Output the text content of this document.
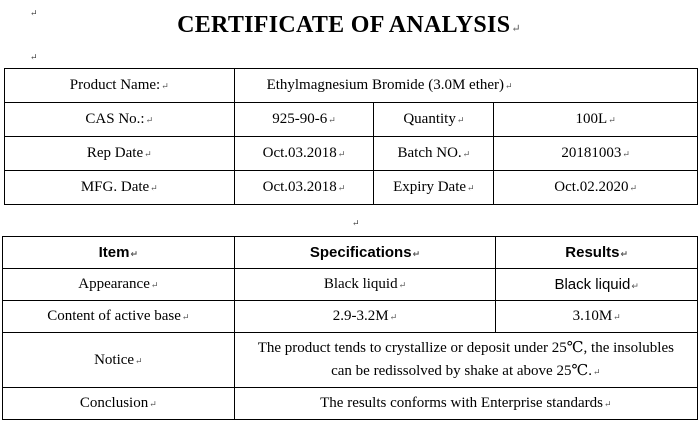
↵	CERTIFICATE OF ANALYSIS↵
↵
Product Name:↵	Ethylmagnesium Bromide (3.0M ether)↵		
CAS No.:↵	925-90-6↵	Quantity↵	100L↵
Rep Date↵	Oct.03.2018↵	Batch NO.↵	20181003↵
MFG. Date↵	Oct.03.2018↵	Expiry Date↵	Oct.02.2020↵
↵
Item↵	Specifications↵	Results↵
Appearance↵	Black liquid↵	Black liquid↵
Content of active base↵	2.9-3.2M↵	3.10M↵
Notice↵	The product tends to crystallize or deposit under 25℃, the insolubles
can be redissolved by shake at above 25℃.↵	

Conclusion↵	The results conforms with Enterprise standards↵	
